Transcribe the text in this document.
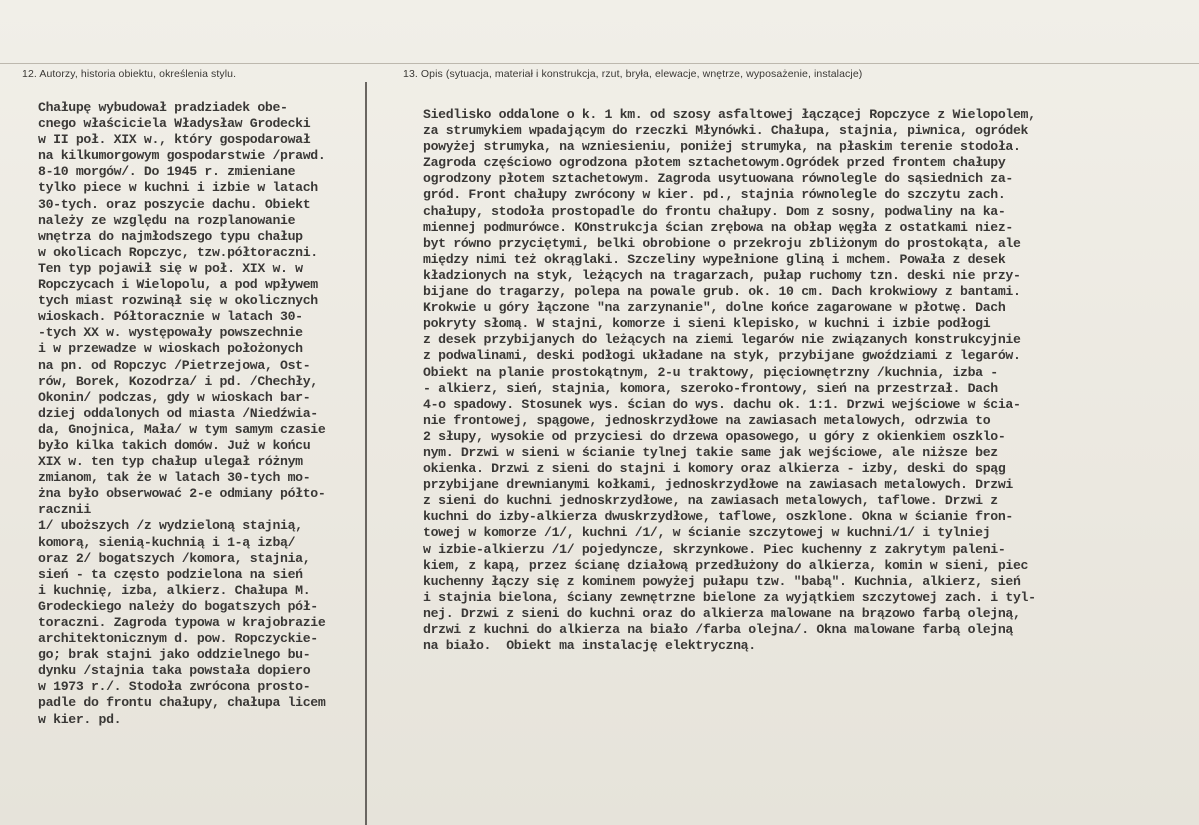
12. Autorzy, historia obiektu, określenia stylu.	13. Opis (sytuacja, materiał i konstrukcja, rzut, bryła, elewacje, wnętrze, wyposażenie, instalacje)
Chałupę wybudował pradziadek obe-
cnego właściciela Władysław Grodecki
w II poł. XIX w., który gospodarował
na kilkumorgowym gospodarstwie /prawd.
8-10 morgów/. Do 1945 r. zmieniane
tylko piece w kuchni i izbie w latach
30-tych. oraz poszycie dachu. Obiekt
należy ze względu na rozplanowanie
wnętrza do najmłodszego typu chałup
w okolicach Ropczyc, tzw.półtoraczni.
Ten typ pojawił się w poł. XIX w. w
Ropczycach i Wielopolu, a pod wpływem
tych miast rozwinął się w okolicznych
wioskach. Półtoracznie w latach 30-
-tych XX w. występowały powszechnie
i w przewadze w wioskach położonych
na pn. od Ropczyc /Pietrzejowa, Ost-
rów, Borek, Kozodrza/ i pd. /Chechły,
Okonin/ podczas, gdy w wioskach bar-
dziej oddalonych od miasta /Niedźwia-
da, Gnojnica, Mała/ w tym samym czasie
było kilka takich domów. Już w końcu
XIX w. ten typ chałup ulegał różnym
zmianom, tak że w latach 30-tych mo-
żna było obserwować 2-e odmiany półto-
racznii
1/ uboższych /z wydzieloną stajnią,
komorą, sienią-kuchnią i 1-ą izbą/
oraz 2/ bogatszych /komora, stajnia,
sień - ta często podzielona na sień
i kuchnię, izba, alkierz. Chałupa M.
Grodeckiego należy do bogatszych pół-
toraczni. Zagroda typowa w krajobrazie
architektonicznym d. pow. Ropczyckie-
go; brak stajni jako oddzielnego bu-
dynku /stajnia taka powstała dopiero
w 1973 r./. Stodoła zwrócona prosto-
padle do frontu chałupy, chałupa licem
w kier. pd.
Siedlisko oddalone o k. 1 km. od szosy asfaltowej łączącej Ropczyce z Wielopolem,
za strumykiem wpadającym do rzeczki Młynówki. Chałupa, stajnia, piwnica, ogródek
powyżej strumyka, na wzniesieniu, poniżej strumyka, na płaskim terenie stodoła.
Zagroda częściowo ogrodzona płotem sztachetowym.Ogródek przed frontem chałupy
ogrodzony płotem sztachetowym. Zagroda usytuowana równolegle do sąsiednich za-
gród. Front chałupy zwrócony w kier. pd., stajnia równolegle do szczytu zach.
chałupy, stodoła prostopadle do frontu chałupy. Dom z sosny, podwaliny na ka-
miennej podmurówce. KOnstrukcja ścian zrębowa na obłap węgła z ostatkami niez-
byt równo przyciętymi, belki obrobione o przekroju zbliżonym do prostokąta, ale
między nimi też okrąglaki. Szczeliny wypełnione gliną i mchem. Powała z desek
kładzionych na styk, leżących na tragarzach, pułap ruchomy tzn. deski nie przy-
bijane do tragarzy, polepa na powale grub. ok. 10 cm. Dach krokwiowy z bantami.
Krokwie u góry łączone "na zarzynanie", dolne końce zagarowane w płotwę. Dach
pokryty słomą. W stajni, komorze i sieni klepisko, w kuchni i izbie podłogi
z desek przybijanych do leżących na ziemi legarów nie związanych konstrukcyjnie
z podwalinami, deski podłogi układane na styk, przybijane gwoździami z legarów.
Obiekt na planie prostokątnym, 2-u traktowy, pięciownętrzny /kuchnia, izba -
- alkierz, sień, stajnia, komora, szeroko-frontowy, sień na przestrzał. Dach
4-o spadowy. Stosunek wys. ścian do wys. dachu ok. 1:1. Drzwi wejściowe w ścia-
nie frontowej, spągowe, jednoskrzydłowe na zawiasach metalowych, odrzwia to
2 słupy, wysokie od przyciesi do drzewa opasowego, u góry z okienkiem oszklo-
nym. Drzwi w sieni w ścianie tylnej takie same jak wejściowe, ale niższe bez
okienka. Drzwi z sieni do stajni i komory oraz alkierza - izby, deski do spąg
przybijane drewnianymi kołkami, jednoskrzydłowe na zawiasach metalowych. Drzwi
z sieni do kuchni jednoskrzydłowe, na zawiasach metalowych, taflowe. Drzwi z
kuchni do izby-alkierza dwuskrzydłowe, taflowe, oszklone. Okna w ścianie fron-
towej w komorze /1/, kuchni /1/, w ścianie szczytowej w kuchni/1/ i tylniej
w izbie-alkierzu /1/ pojedyncze, skrzynkowe. Piec kuchenny z zakrytym paleni-
kiem, z kapą, przez ścianę działową przedłużony do alkierza, komin w sieni, piec
kuchenny łączy się z kominem powyżej pułapu tzw. "babą". Kuchnia, alkierz, sień
i stajnia bielona, ściany zewnętrzne bielone za wyjątkiem szczytowej zach. i tyl-
nej. Drzwi z sieni do kuchni oraz do alkierza malowane na brązowo farbą olejną,
drzwi z kuchni do alkierza na biało /farba olejna/. Okna malowane farbą olejną
na biało.  Obiekt ma instalację elektryczną.
